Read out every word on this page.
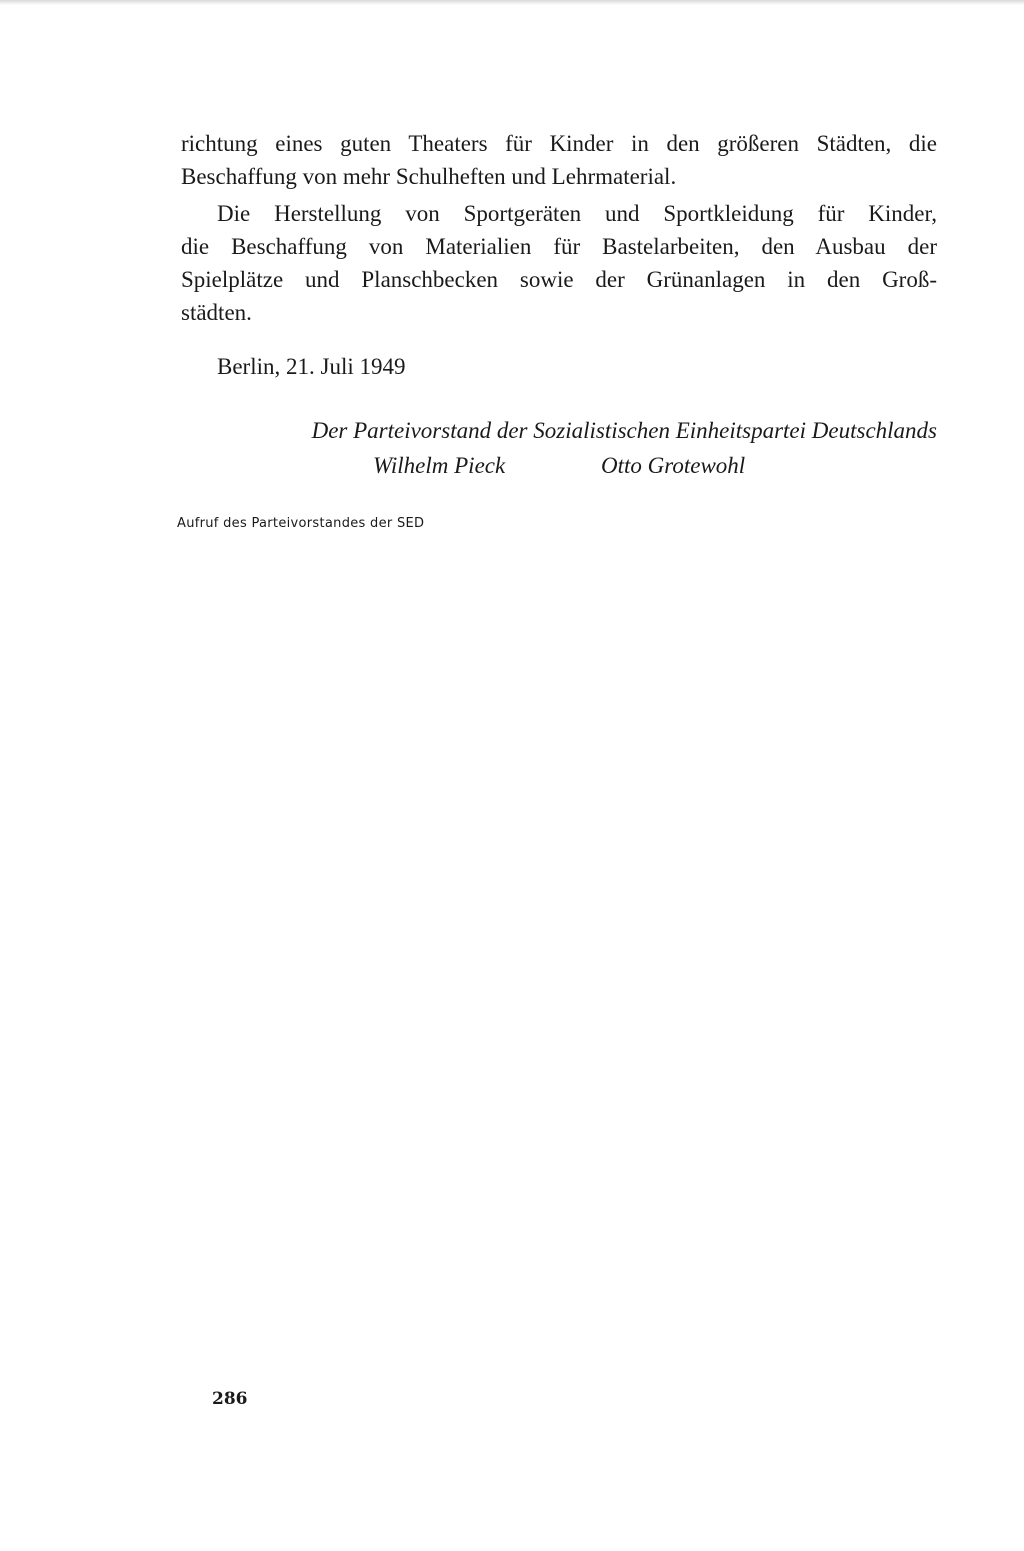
richtung eines guten Theaters für Kinder in den größeren Städten, die

Beschaffung von mehr Schulheften und Lehrmaterial.

Die Herstellung von Sportgeräten und Sportkleidung für Kinder,

die Beschaffung von Materialien für Bastelarbeiten, den Ausbau der

Spielplätze und Planschbecken sowie der Grünanlagen in den Groß-

städten.

Berlin, 21. Juli 1949
Der Parteivorstand der Sozialistischen Einheitspartei Deutschlands
Wilhelm Pieck	Otto Grotewohl
Aufruf des Parteivorstandes der SED
286
